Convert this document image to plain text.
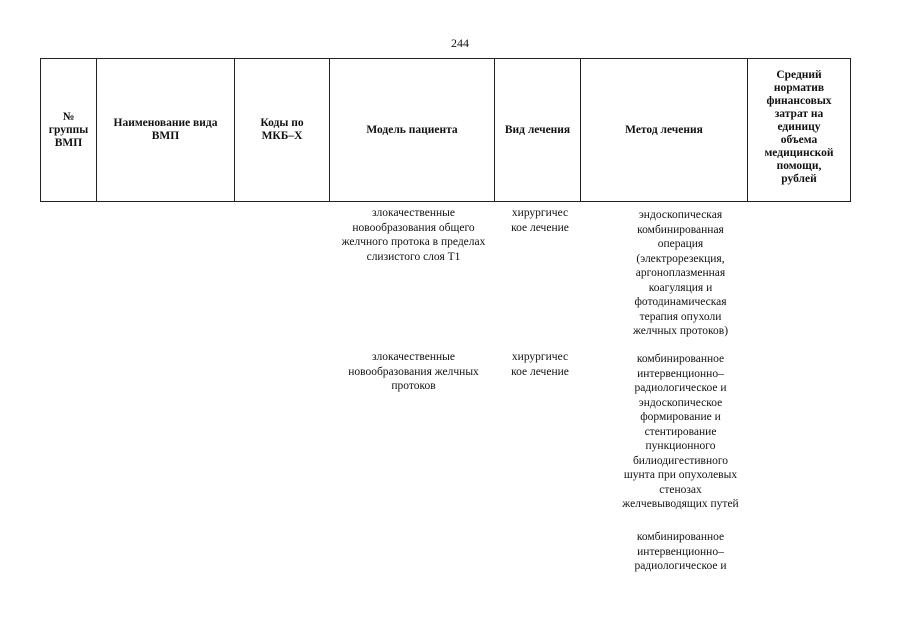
244
№
группы
ВМП
Наименование вида
ВМП
Коды по
МКБ–Х
Модель пациента	Вид лечения	Метод лечения
Средний
норматив
финансовых
затрат на
единицу
объема
медицинской
помощи,
рублей
злокачественные
новообразования общего
желчного протокa в пределах
слизистого слоя T1
хирургичес
кое лечение
эндоскопическая
комбинированная
операция
(электрорезекция,
аргоноплазменная
коагуляция и
фотодинамическая
терапия опухоли
желчных протоков)
злокачественные
новообразования желчных
протоков
хирургичес
кое лечение
комбинированное
интервенционно–
радиологическое и
эндоскопическое
формирование и
стентирование
пункционного
билиодигестивного
шунта при опухолевых
стенозах
желчевыводящих путей
комбинированное
интервенционно–
радиологическое и
